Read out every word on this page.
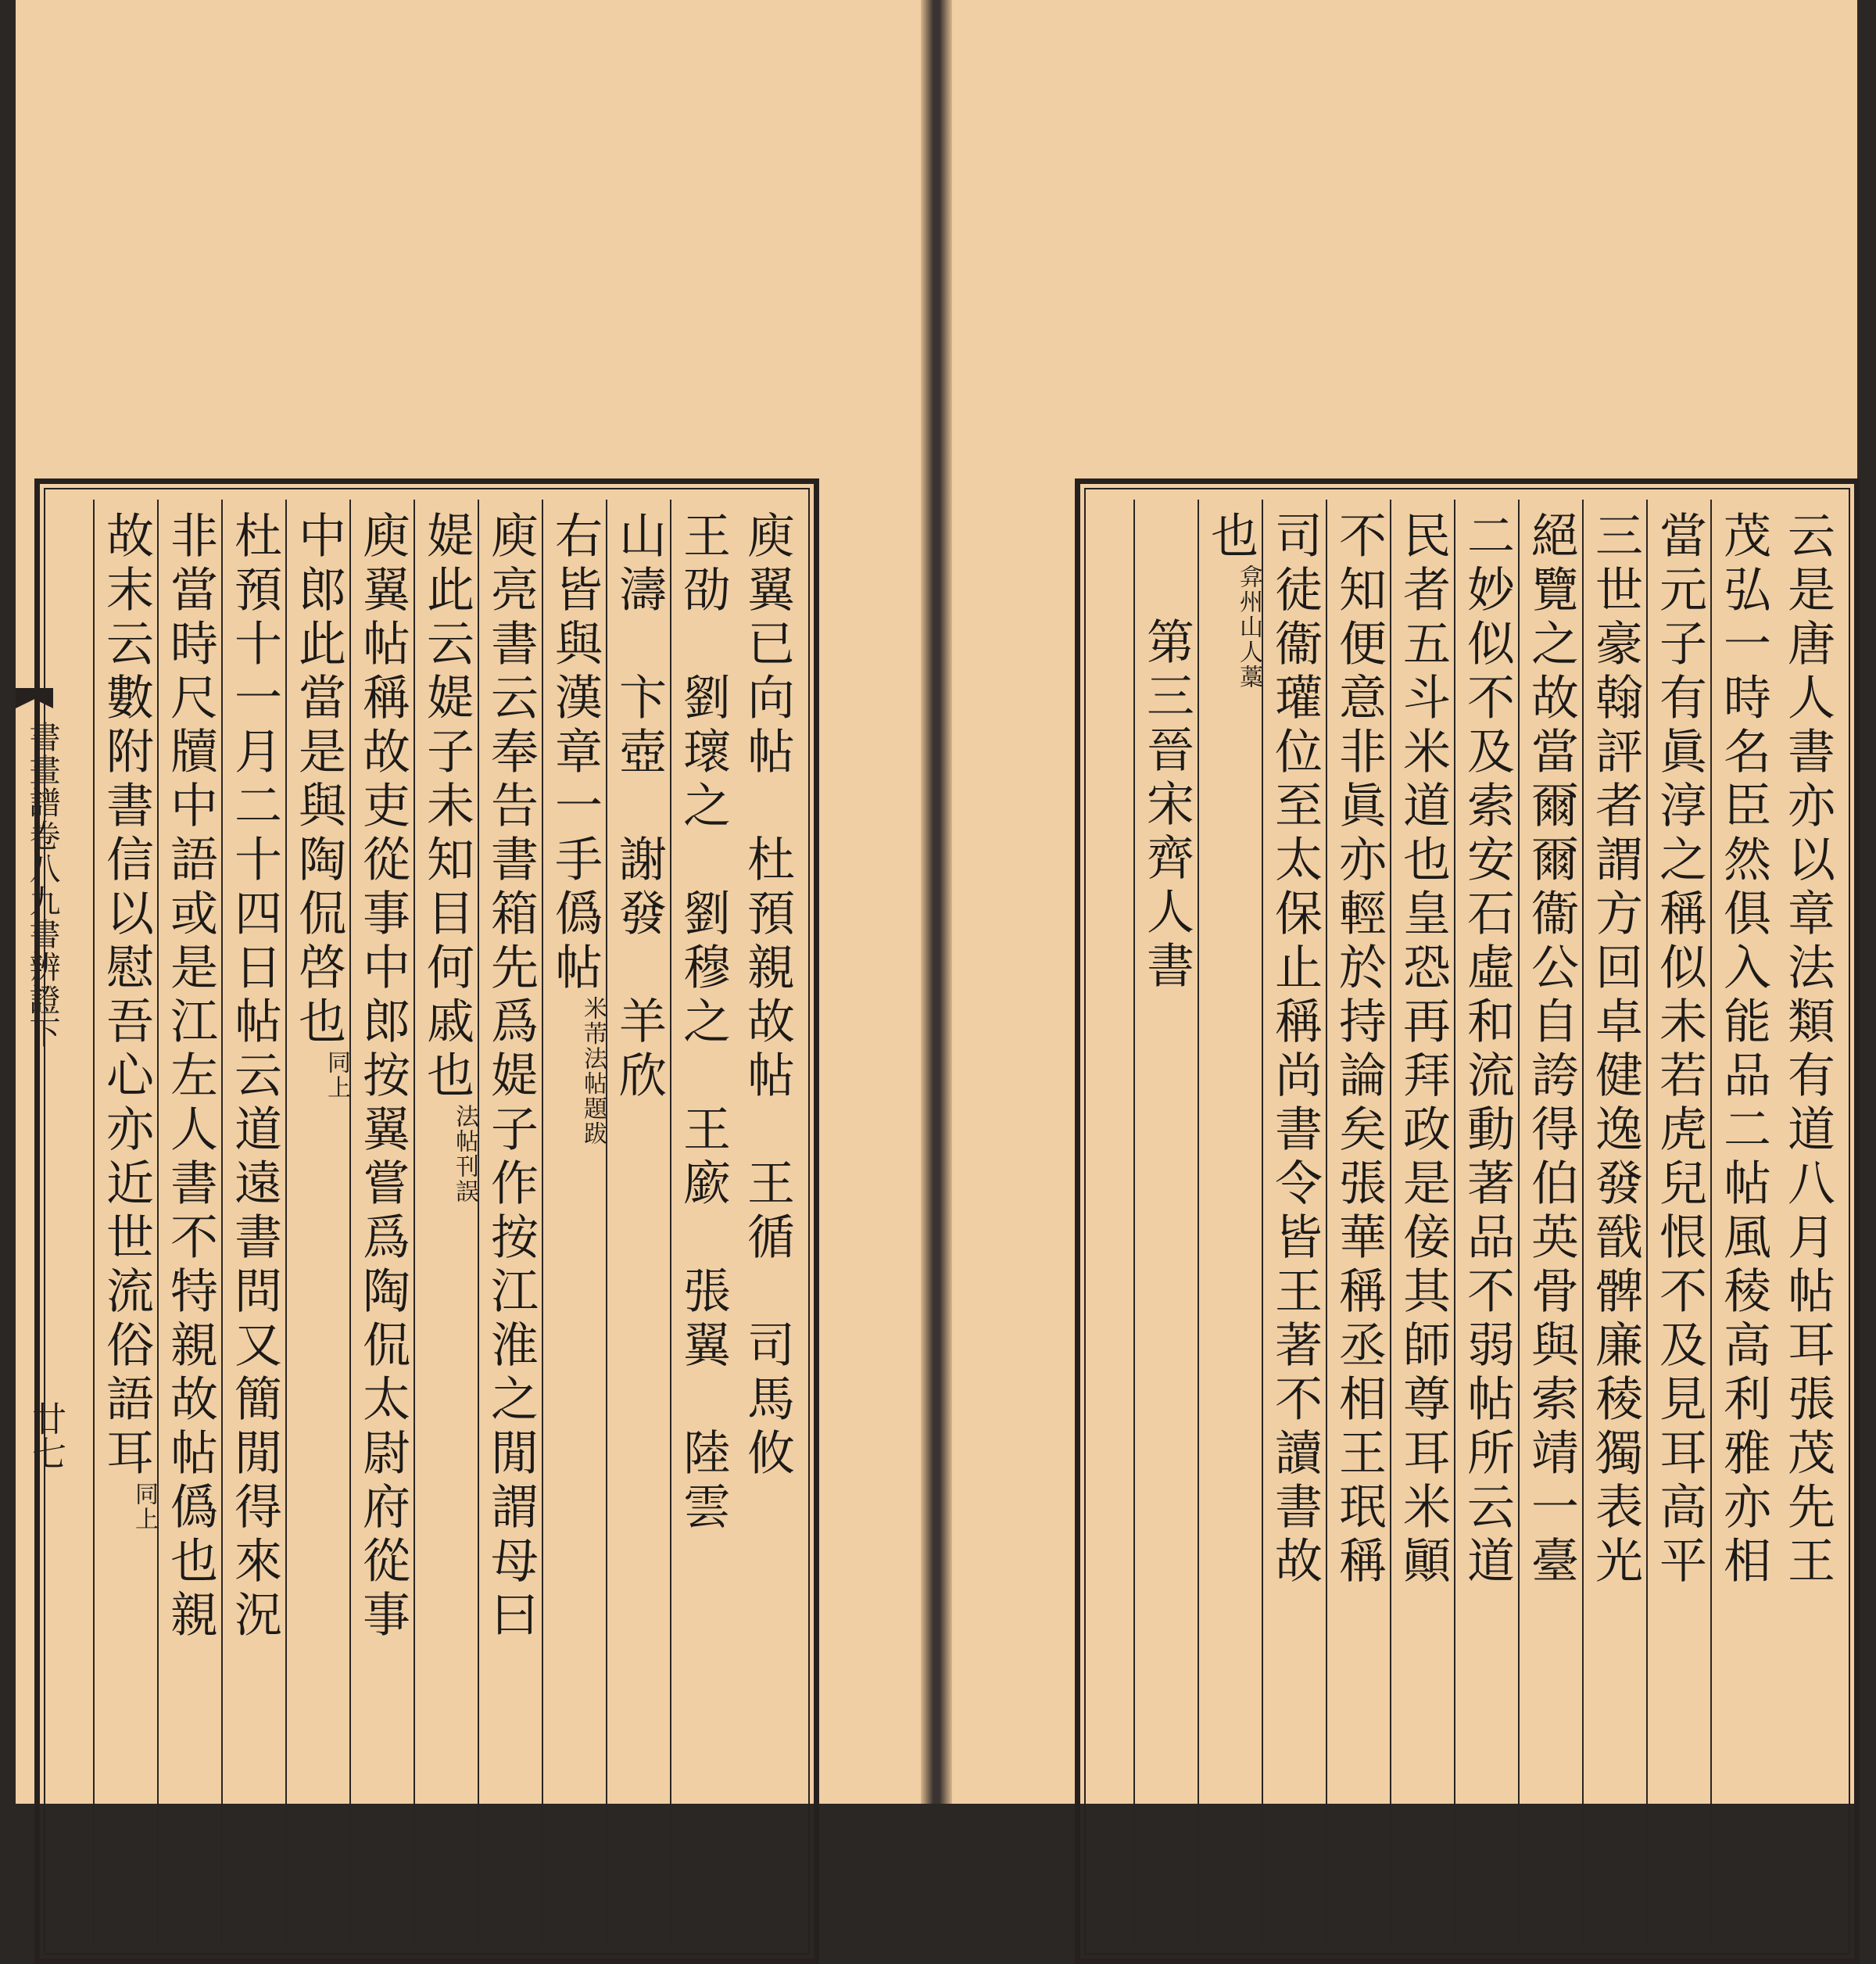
書畫譜卷八九書辨證下
廿七	庾翼已向帖　杜預親故帖　王循　司馬攸
王劭　劉瓌之　劉穆之　王廞　張翼　陸雲
山濤　卞壺　謝發　羊欣
右皆與漢章一手僞帖米芾法帖題跋
庾亮書云奉告書箱先爲媞子作按江淮之閒謂母曰
媞此云媞子未知目何戚也法帖刊誤
庾翼帖稱故吏從事中郎按翼嘗爲陶侃太尉府從事
中郎此當是與陶侃啓也同上
杜預十一月二十四日帖云道遠書問又簡閒得來況
非當時尺牘中語或是江左人書不特親故帖僞也親
故末云數附書信以慰吾心亦近世流俗語耳同上	云是唐人書亦以章法類有道八月帖耳張茂先王
茂弘一時名臣然俱入能品二帖風稜高利雅亦相
當元子有眞淳之稱似未若虎兒恨不及見耳高平
三世豪翰評者謂方回卓健逸發戩髀廉稜獨表光
絕覽之故當爾爾衞公自誇得伯英骨與索靖一臺
二妙似不及索安石虛和流動著品不弱帖所云道
民者五斗米道也皇恐再拜政是倿其師尊耳米顚
不知便意非眞亦輕於持論矣張華稱丞相王珉稱
司徒衞瓘位至太保止稱尚書令皆王著不讀書故
也弇州山人藁
第三晉宋齊人書
